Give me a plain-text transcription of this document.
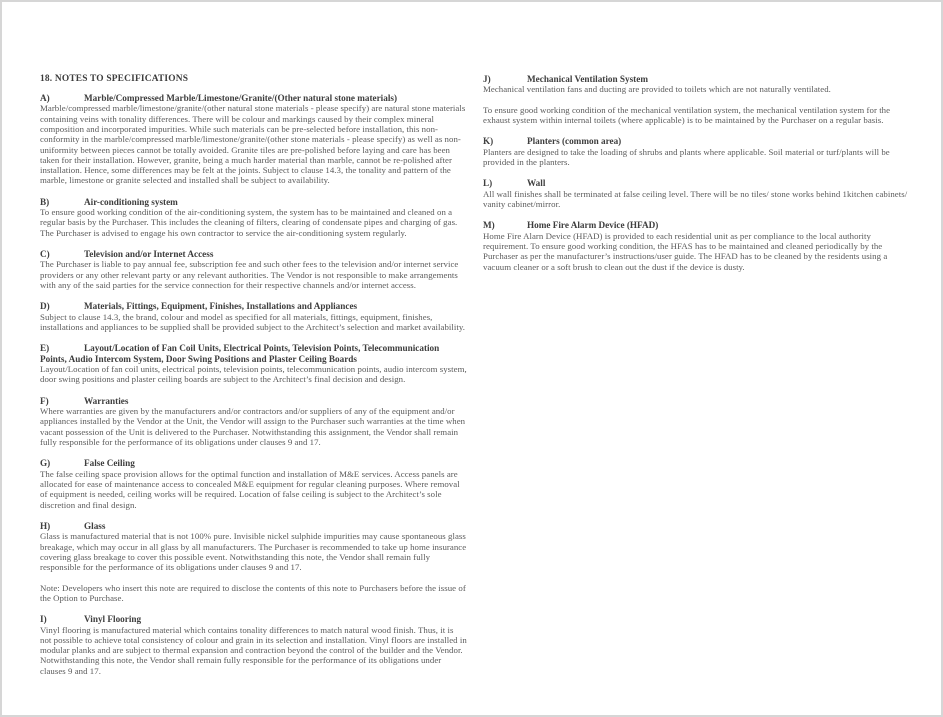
18. NOTES TO SPECIFICATIONS
A)	Marble/Compressed Marble/Limestone/Granite/(Other natural stone materials)

Marble/compressed marble/limestone/granite/(other natural stone materials - please specify) are natural stone materials containing veins with tonality differences. There will be colour and markings caused by their complex mineral composition and incorporated impurities. While such materials can be pre-selected before installation, this non-conformity in the marble/compressed marble/limestone/granite/(other stone materials - please specify) as well as non-uniformity between pieces cannot be totally avoided. Granite tiles are pre-polished before laying and care has been taken for their installation. However, granite, being a much harder material than marble, cannot be re-polished after installation. Hence, some differences may be felt at the joints. Subject to clause 14.3, the tonality and pattern of the marble, limestone or granite selected and installed shall be subject to availability.

B)	Air-conditioning system

To ensure good working condition of the air-conditioning system, the system has to be maintained and cleaned on a regular basis by the Purchaser. This includes the cleaning of filters, clearing of condensate pipes and charging of gas. The Purchaser is advised to engage his own contractor to service the air-conditioning system regularly.

C)	Television and/or Internet Access

The Purchaser is liable to pay annual fee, subscription fee and such other fees to the television and/or internet service providers or any other relevant party or any relevant authorities. The Vendor is not responsible to make arrangements with any of the said parties for the service connection for their respective channels and/or internet access.

D)	Materials, Fittings, Equipment, Finishes, Installations and Appliances

Subject to clause 14.3, the brand, colour and model as specified for all materials, fittings, equipment, finishes, installations and appliances to be supplied shall be provided subject to the Architect’s selection and market availability.

E)	Layout/Location of Fan Coil Units, Electrical Points, Television Points, Telecommunication Points, Audio Intercom System, Door Swing Positions and Plaster Ceiling Boards

Layout/Location of fan coil units, electrical points, television points, telecommunication points, audio intercom system, door swing positions and plaster ceiling boards are subject to the Architect’s final decision and design.

F)	Warranties

Where warranties are given by the manufacturers and/or contractors and/or suppliers of any of the equipment and/or appliances installed by the Vendor at the Unit, the Vendor will assign to the Purchaser such warranties at the time when vacant possession of the Unit is delivered to the Purchaser. Notwithstanding this assignment, the Vendor shall remain fully responsible for the performance of its obligations under clauses 9 and 17.

G)	False Ceiling

The false ceiling space provision allows for the optimal function and installation of M&E services. Access panels are allocated for ease of maintenance access to concealed M&E equipment for regular cleaning purposes. Where removal of equipment is needed, ceiling works will be required. Location of false ceiling is subject to the Architect’s sole discretion and final design.

H)	Glass

Glass is manufactured material that is not 100% pure. Invisible nickel sulphide impurities may cause spontaneous glass breakage, which may occur in all glass by all manufacturers. The Purchaser is recommended to take up home insurance covering glass breakage to cover this possible event. Notwithstanding this note, the Vendor shall remain fully responsible for the performance of its obligations under clauses 9 and 17.

Note: Developers who insert this note are required to disclose the contents of this note to Purchasers before the issue of the Option to Purchase.

I)	Vinyl Flooring

Vinyl flooring is manufactured material which contains tonality differences to match natural wood finish. Thus, it is not possible to achieve total consistency of colour and grain in its selection and installation. Vinyl floors are installed in modular planks and are subject to thermal expansion and contraction beyond the control of the builder and the Vendor. Notwithstanding this note, the Vendor shall remain fully responsible for the performance of its obligations under clauses 9 and 17.

J)	Mechanical Ventilation System

Mechanical ventilation fans and ducting are provided to toilets which are not naturally ventilated.

To ensure good working condition of the mechanical ventilation system, the mechanical ventilation system for the exhaust system within internal toilets (where applicable) is to be maintained by the Purchaser on a regular basis.

K)	Planters (common area)

Planters are designed to take the loading of shrubs and plants where applicable. Soil material or turf/plants will be provided in the planters.

L)	Wall

All wall finishes shall be terminated at false ceiling level. There will be no tiles/ stone works behind 1kitchen cabinets/ vanity cabinet/mirror.

M)	Home Fire Alarm Device (HFAD)

Home Fire Alarn Device (HFAD) is provided to each residential unit as per compliance to the local authority requirement. To ensure good working condition, the HFAS has to be maintained and cleaned periodically by the Purchaser as per the manufacturer’s instructions/user guide. The HFAD has to be cleaned by the residents using a vacuum cleaner or a soft brush to clean out the dust if the device is dusty.
